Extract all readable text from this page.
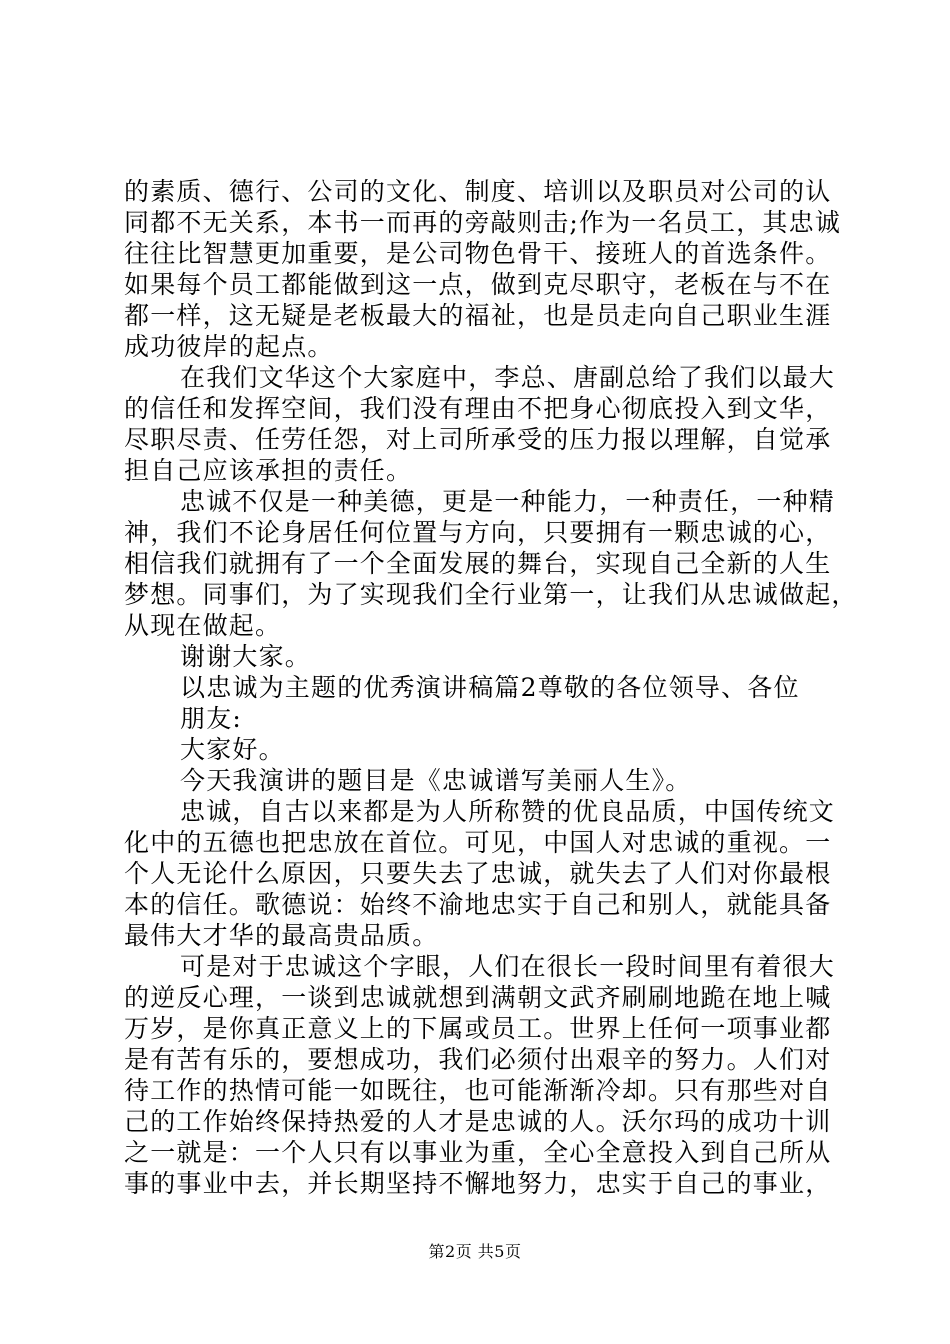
的素质、德行、公司的文化、制度、培训以及职员对公司的认
同都不无关系，本书一而再的旁敲则击;作为一名员工，其忠诚
往往比智慧更加重要，是公司物色骨干、接班人的首选条件。
如果每个员工都能做到这一点，做到克尽职守，老板在与不在
都一样，这无疑是老板最大的福祉，也是员走向自己职业生涯
成功彼岸的起点。
在我们文华这个大家庭中，李总、唐副总给了我们以最大
的信任和发挥空间，我们没有理由不把身心彻底投入到文华，
尽职尽责、任劳任怨，对上司所承受的压力报以理解，自觉承
担自己应该承担的责任。
忠诚不仅是一种美德，更是一种能力，一种责任，一种精
神，我们不论身居任何位置与方向，只要拥有一颗忠诚的心，
相信我们就拥有了一个全面发展的舞台，实现自己全新的人生
梦想。同事们，为了实现我们全行业第一，让我们从忠诚做起，
从现在做起。
谢谢大家。
以忠诚为主题的优秀演讲稿篇2尊敬的各位领导、各位
朋友:
大家好。
今天我演讲的题目是《忠诚谱写美丽人生》。
忠诚，自古以来都是为人所称赞的优良品质，中国传统文
化中的五德也把忠放在首位。可见，中国人对忠诚的重视。一
个人无论什么原因，只要失去了忠诚，就失去了人们对你最根
本的信任。歌德说：始终不渝地忠实于自己和别人，就能具备
最伟大才华的最高贵品质。
可是对于忠诚这个字眼，人们在很长一段时间里有着很大
的逆反心理，一谈到忠诚就想到满朝文武齐刷刷地跪在地上喊
万岁，是你真正意义上的下属或员工。世界上任何一项事业都
是有苦有乐的，要想成功，我们必须付出艰辛的努力。人们对
待工作的热情可能一如既往，也可能渐渐冷却。只有那些对自
己的工作始终保持热爱的人才是忠诚的人。沃尔玛的成功十训
之一就是：一个人只有以事业为重，全心全意投入到自己所从
事的事业中去，并长期坚持不懈地努力，忠实于自己的事业，
第2页 共5页
